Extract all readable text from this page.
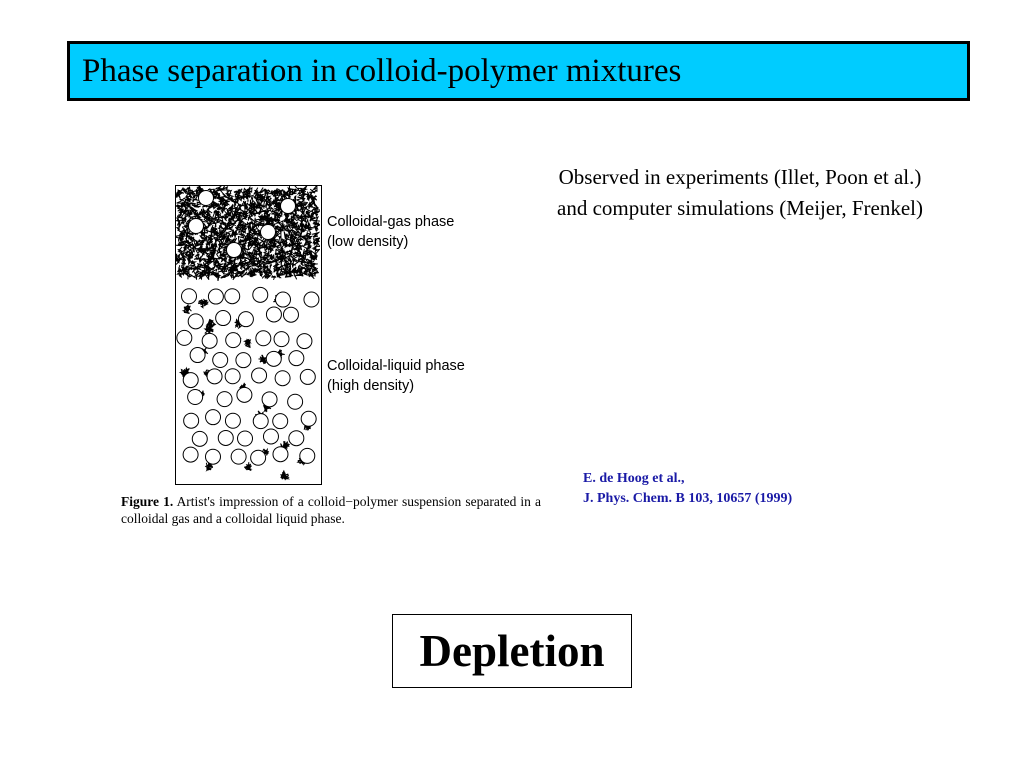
Phase separation in colloid-polymer mixtures
Observed in experiments (Illet, Poon et al.)
and computer simulations (Meijer, Frenkel)
Colloidal-gas phase
(low density)
Colloidal-liquid phase
(high density)
Figure 1. Artist's impression of a colloid−polymer suspension separated in a colloidal gas and a colloidal liquid phase.
E. de Hoog et al.,
J. Phys. Chem. B 103, 10657 (1999)
Depletion
